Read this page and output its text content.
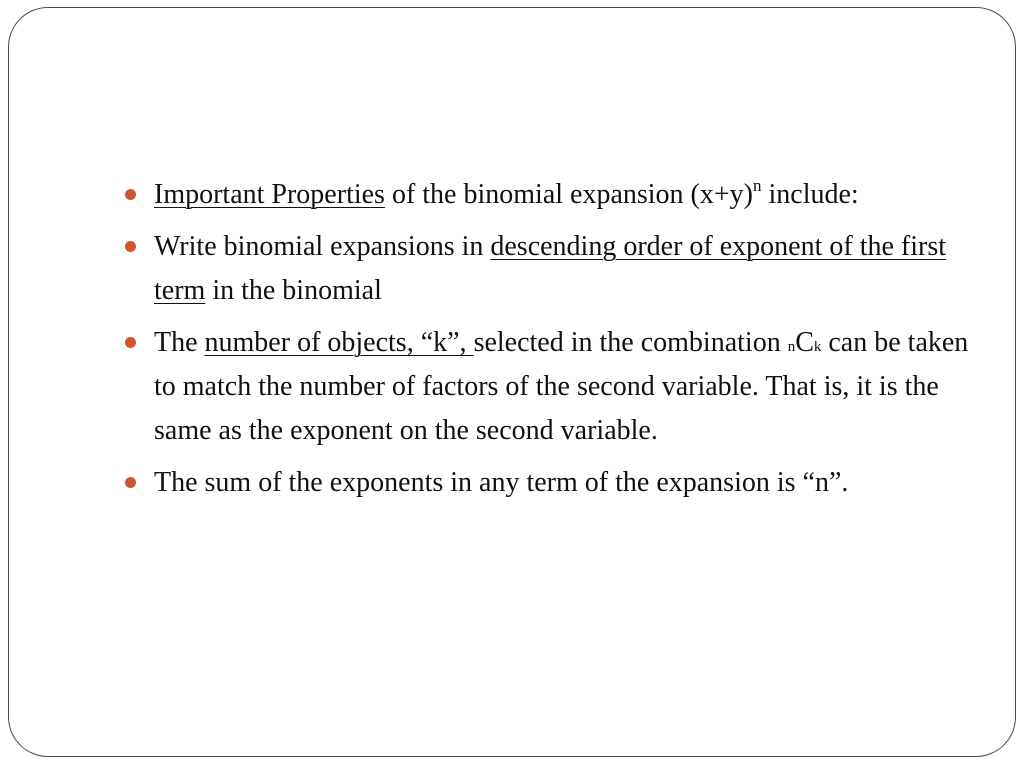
Important Properties of the binomial expansion $(x+y)^n$ include:
Write binomial expansions in descending order of exponent of the first term in the binomial
The number of objects, “k”, selected in the combination nCk can be taken to match the number of factors of the second variable. That is, it is the same as the exponent on the second variable.
The sum of the exponents in any term of the expansion is “n”.
